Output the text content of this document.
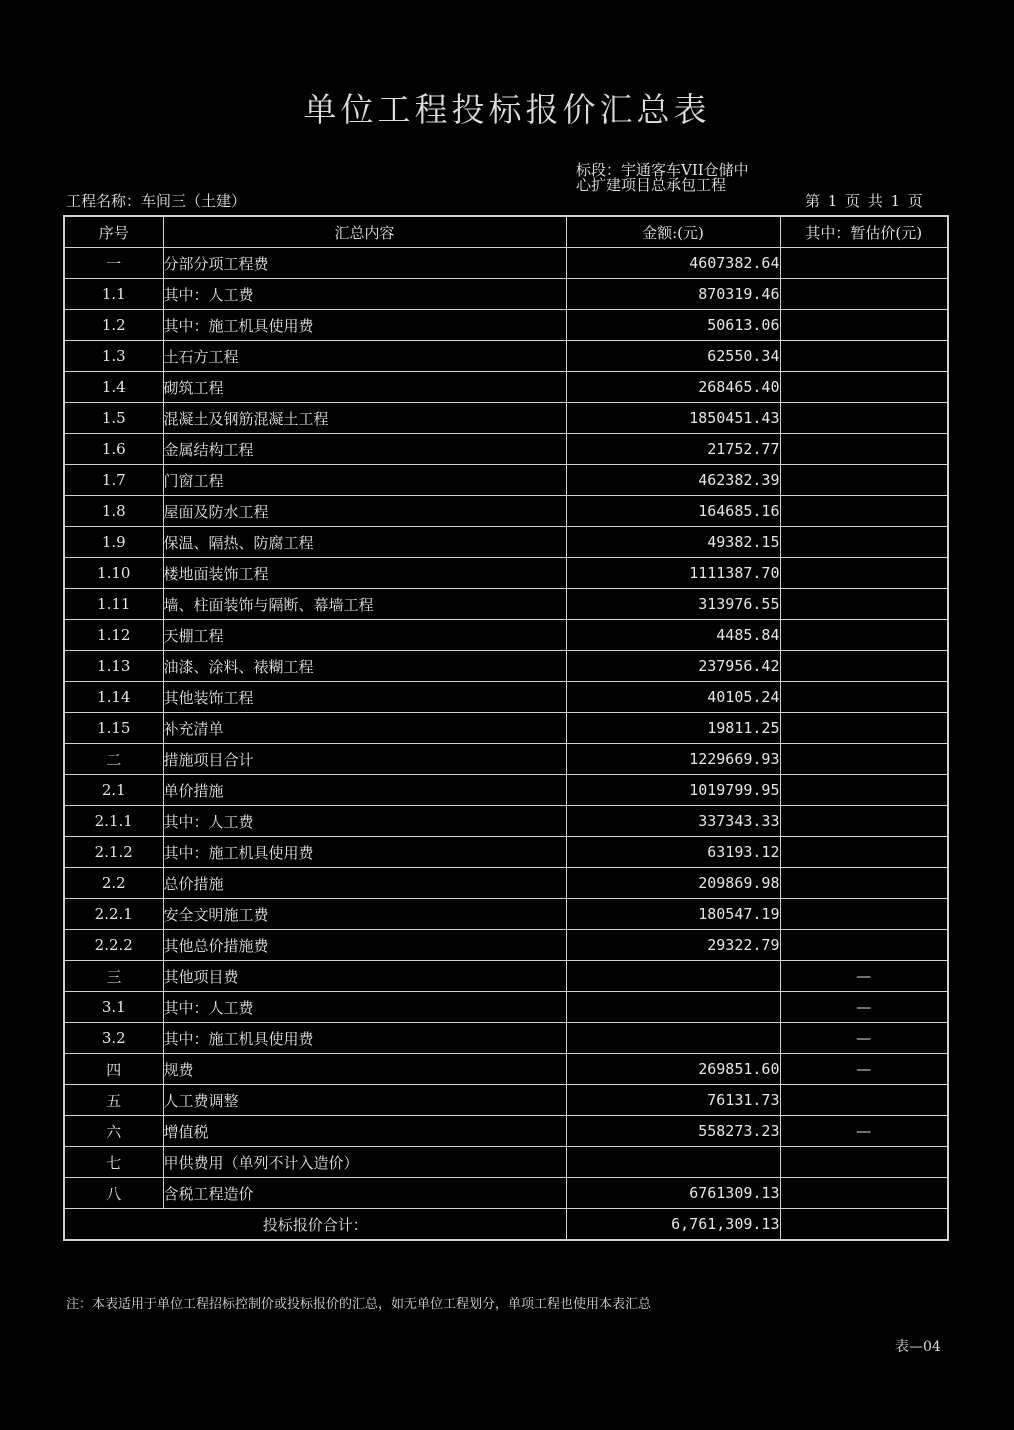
单位工程投标报价汇总表
工程名称：车间三（土建）
标段：宇通客车VII仓储中心扩建项目总承包工程
第 1 页 共 1 页
序号	汇总内容	金额:(元)	其中：暂估价(元)
一	分部分项工程费	4607382.64	
1.1	其中：人工费	870319.46	
1.2	其中：施工机具使用费	50613.06	
1.3	土石方工程	62550.34	
1.4	砌筑工程	268465.40	
1.5	混凝土及钢筋混凝土工程	1850451.43	
1.6	金属结构工程	21752.77	
1.7	门窗工程	462382.39	
1.8	屋面及防水工程	164685.16	
1.9	保温、隔热、防腐工程	49382.15	
1.10	楼地面装饰工程	1111387.70	
1.11	墙、柱面装饰与隔断、幕墙工程	313976.55	
1.12	天棚工程	4485.84	
1.13	油漆、涂料、裱糊工程	237956.42	
1.14	其他装饰工程	40105.24	
1.15	补充清单	19811.25	
二	措施项目合计	1229669.93	
2.1	单价措施	1019799.95	
2.1.1	其中：人工费	337343.33	
2.1.2	其中：施工机具使用费	63193.12	
2.2	总价措施	209869.98	
2.2.1	安全文明施工费	180547.19	
2.2.2	其他总价措施费	29322.79	
三	其他项目费		—
3.1	其中：人工费		—
3.2	其中：施工机具使用费		—
四	规费	269851.60	—
五	人工费调整	76131.73	
六	增值税	558273.23	—
七	甲供费用（单列不计入造价）		
八	含税工程造价	6761309.13	
投标报价合计：		6,761,309.13	
注：本表适用于单位工程招标控制价或投标报价的汇总，如无单位工程划分，单项工程也使用本表汇总
表—04
